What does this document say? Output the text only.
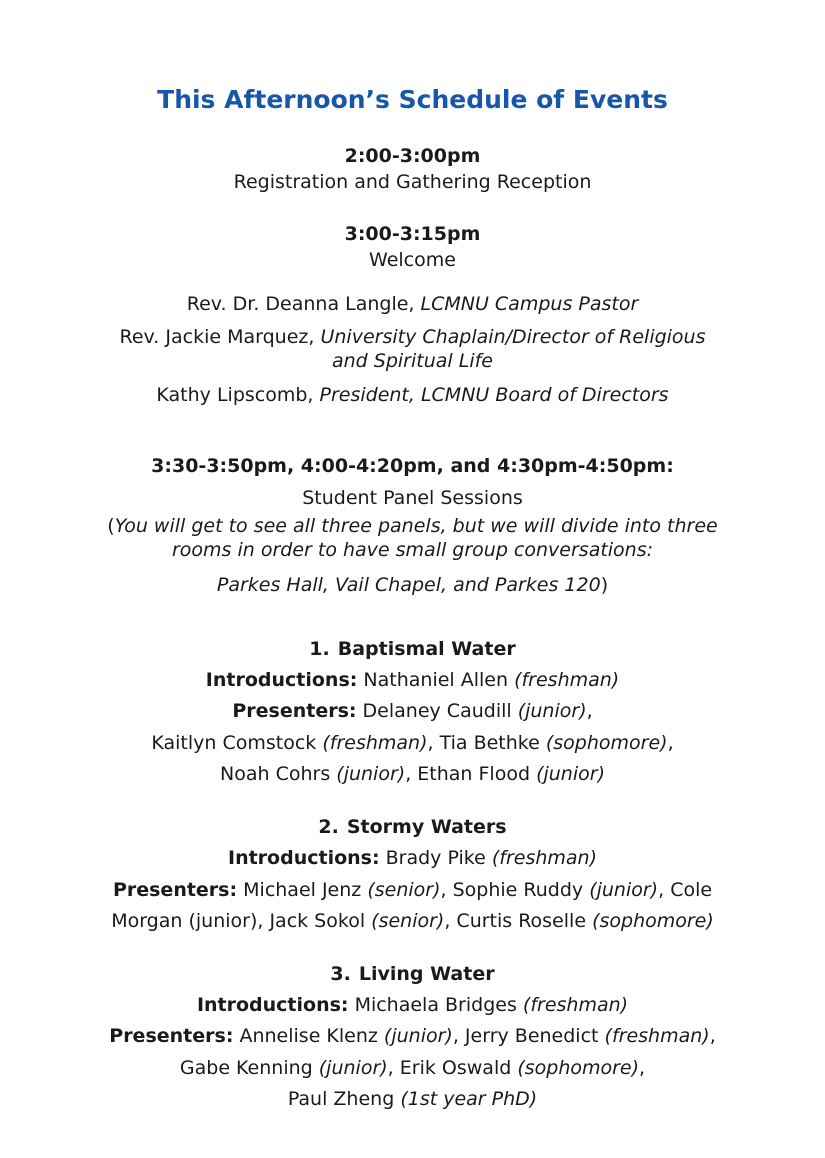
This Afternoon’s Schedule of Events
2:00-3:00pm
Registration and Gathering Reception
3:00-3:15pm
Welcome
Rev. Dr. Deanna Langle, LCMNU Campus Pastor
Rev. Jackie Marquez, University Chaplain/Director of Religious
and Spiritual Life
Kathy Lipscomb, President, LCMNU Board of Directors
3:30-3:50pm, 4:00-4:20pm, and 4:30pm-4:50pm:
Student Panel Sessions
(You will get to see all three panels, but we will divide into three
rooms in order to have small group conversations:
Parkes Hall, Vail Chapel, and Parkes 120)
1. Baptismal Water
Introductions: Nathaniel Allen (freshman)
Presenters: Delaney Caudill (junior),
Kaitlyn Comstock (freshman), Tia Bethke (sophomore),
Noah Cohrs (junior), Ethan Flood (junior)
2. Stormy Waters
Introductions: Brady Pike (freshman)
Presenters: Michael Jenz (senior), Sophie Ruddy (junior), Cole
Morgan (junior), Jack Sokol (senior), Curtis Roselle (sophomore)
3. Living Water
Introductions: Michaela Bridges (freshman)
Presenters: Annelise Klenz (junior), Jerry Benedict (freshman),
Gabe Kenning (junior), Erik Oswald (sophomore),
Paul Zheng (1st year PhD)
